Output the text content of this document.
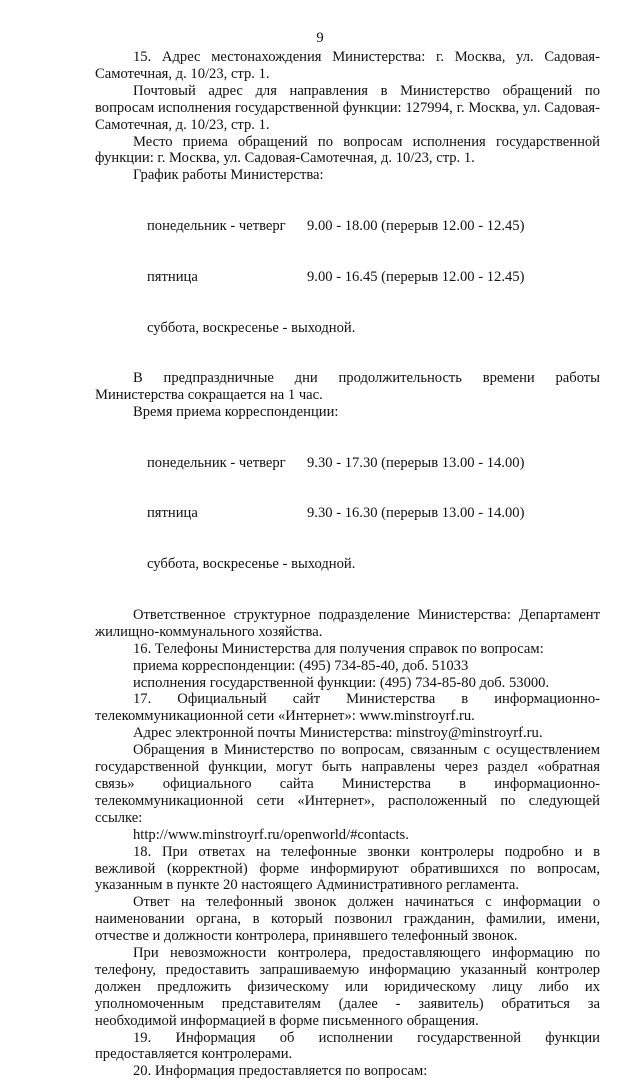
9

15. Адрес местонахождения Министерства: г. Москва, ул. Садовая-Самотечная, д. 10/23, стр. 1.

Почтовый адрес для направления в Министерство обращений по вопросам исполнения государственной функции: 127994, г. Москва, ул. Садовая-Самотечная, д. 10/23, стр. 1.

Место приема обращений по вопросам исполнения государственной функции: г. Москва, ул. Садовая-Самотечная, д. 10/23, стр. 1.

График работы Министерства:

понедельник - четверг	9.00 - 18.00 (перерыв 12.00 - 12.45)

пятница	9.00 - 16.45 (перерыв 12.00 - 12.45)

суббота, воскресенье - выходной.

В предпраздничные дни продолжительность времени работы Министерства сокращается на 1 час.

Время приема корреспонденции:

понедельник - четверг	9.30 - 17.30 (перерыв 13.00 - 14.00)

пятница	9.30 - 16.30 (перерыв 13.00 - 14.00)

суббота, воскресенье - выходной.

Ответственное структурное подразделение Министерства: Департамент жилищно-коммунального хозяйства.

16. Телефоны Министерства для получения справок по вопросам:

приема корреспонденции: (495) 734-85-40, доб. 51033
исполнения государственной функции: (495) 734-85-80 доб. 53000.

17. Официальный сайт Министерства в информационно-телекоммуникационной сети «Интернет»: www.minstroyrf.ru.

Адрес электронной почты Министерства: minstroy@minstroyrf.ru.

Обращения в Министерство по вопросам, связанным с осуществлением государственной функции, могут быть направлены через раздел «обратная связь» официального сайта Министерства в информационно-телекоммуникационной сети «Интернет», расположенный по следующей ссылке:

http://www.minstroyrf.ru/openworld/#contacts.

18. При ответах на телефонные звонки контролеры подробно и в вежливой (корректной) форме информируют обратившихся по вопросам, указанным в пункте 20 настоящего Административного регламента.

Ответ на телефонный звонок должен начинаться с информации о наименовании органа, в который позвонил гражданин, фамилии, имени, отчестве и должности контролера, принявшего телефонный звонок.

При невозможности контролера, предоставляющего информацию по телефону, предоставить запрашиваемую информацию указанный контролер должен предложить физическому или юридическому лицу либо их уполномоченным представителям (далее - заявитель) обратиться за необходимой информацией в форме письменного обращения.

19. Информация об исполнении государственной функции предоставляется контролерами.

20. Информация предоставляется по вопросам:
